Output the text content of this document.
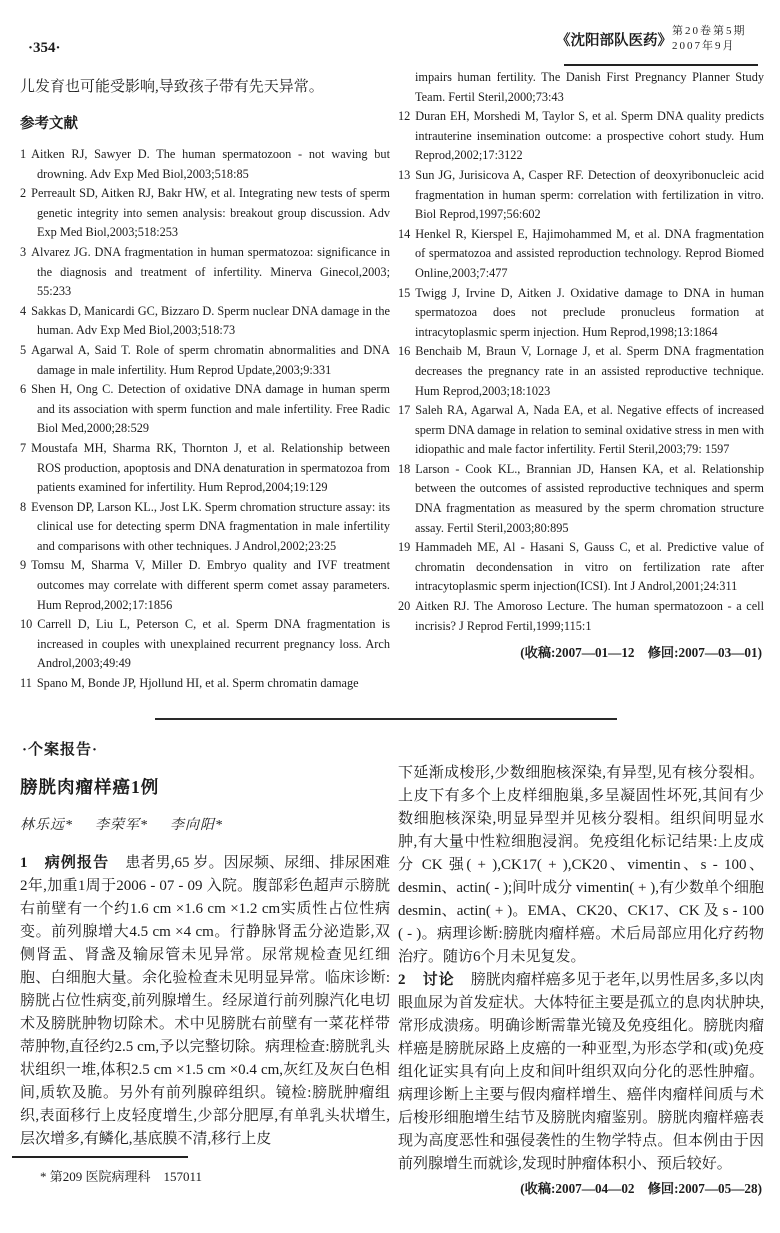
·354·	《沈阳部队医药》
第20卷第5期
2007年9月

儿发育也可能受影响,导致孩子带有先天异常。

参考文献
1 Aitken RJ, Sawyer D. The human spermatozoon - not waving but drowning. Adv Exp Med Biol,2003;518:85
2 Perreault SD, Aitken RJ, Bakr HW, et al. Integrating new tests of sperm genetic integrity into semen analysis: breakout group discussion. Adv Exp Med Biol,2003;518:253
3 Alvarez JG. DNA fragmentation in human spermatozoa: significance in the diagnosis and treatment of infertility. Minerva Ginecol,2003; 55:233
4 Sakkas D, Manicardi GC, Bizzaro D. Sperm nuclear DNA damage in the human. Adv Exp Med Biol,2003;518:73
5 Agarwal A, Said T. Role of sperm chromatin abnormalities and DNA damage in male infertility. Hum Reprod Update,2003;9:331
6 Shen H, Ong C. Detection of oxidative DNA damage in human sperm and its association with sperm function and male infertility. Free Radic Biol Med,2000;28:529
7 Moustafa MH, Sharma RK, Thornton J, et al. Relationship between ROS production, apoptosis and DNA denaturation in spermatozoa from patients examined for infertility. Hum Reprod,2004;19:129
8 Evenson DP, Larson KL., Jost LK. Sperm chromation structure assay: its clinical use for detecting sperm DNA fragmentation in male infertility and comparisons with other techniques. J Androl,2002;23:25
9 Tomsu M, Sharma V, Miller D. Embryo quality and IVF treatment outcomes may correlate with different sperm comet assay parameters. Hum Reprod,2002;17:1856
10 Carrell D, Liu L, Peterson C, et al. Sperm DNA fragmentation is increased in couples with unexplained recurrent pregnancy loss. Arch Androl,2003;49:49
11 Spano M, Bonde JP, Hjollund HI, et al. Sperm chromatin damage

impairs human fertility. The Danish First Pregnancy Planner Study Team. Fertil Steril,2000;73:43

12 Duran EH, Morshedi M, Taylor S, et al. Sperm DNA quality predicts intrauterine insemination outcome: a prospective cohort study. Hum Reprod,2002;17:3122
13 Sun JG, Jurisicova A, Casper RF. Detection of deoxyribonucleic acid fragmentation in human sperm: correlation with fertilization in vitro. Biol Reprod,1997;56:602
14 Henkel R, Kierspel E, Hajimohammed M, et al. DNA fragmentation of spermatozoa and assisted reproduction technology. Reprod Biomed Online,2003;7:477
15 Twigg J, Irvine D, Aitken J. Oxidative damage to DNA in human spermatozoa does not preclude pronucleus formation at intracytoplasmic sperm injection. Hum Reprod,1998;13:1864
16 Benchaib M, Braun V, Lornage J, et al. Sperm DNA fragmentation decreases the pregnancy rate in an assisted reproductive technique. Hum Reprod,2003;18:1023
17 Saleh RA, Agarwal A, Nada EA, et al. Negative effects of increased sperm DNA damage in relation to seminal oxidative stress in men with idiopathic and male factor infertility. Fertil Steril,2003;79: 1597
18 Larson - Cook KL., Brannian JD, Hansen KA, et al. Relationship between the outcomes of assisted reproductive techniques and sperm DNA fragmentation as measured by the sperm chromation structure assay. Fertil Steril,2003;80:895
19 Hammadeh ME, Al - Hasani S, Gauss C, et al. Predictive value of chromatin decondensation in vitro on fertilization rate after intracytoplasmic sperm injection(ICSI). Int J Androl,2001;24:311
20 Aitken RJ. The Amoroso Lecture. The human spermatozoon - a cell incrisis? J Reprod Fertil,1999;115:1

(收稿:2007—01—12　修回:2007—03—01)

·个案报告·
膀胱肉瘤样癌1例
林乐远* 李荣军* 李向阳*

1　病例报告　患者男,65 岁。因尿频、尿细、排尿困难2年,加重1周于2006 - 07 - 09 入院。腹部彩色超声示膀胱右前壁有一个约1.6 cm ×1.6 cm ×1.2 cm实质性占位性病变。前列腺增大4.5 cm ×4 cm。行静脉肾盂分泌造影,双侧肾盂、肾盏及输尿管未见异常。尿常规检查见红细胞、白细胞大量。余化验检查未见明显异常。临床诊断:膀胱占位性病变,前列腺增生。经尿道行前列腺汽化电切术及膀胱肿物切除术。术中见膀胱右前壁有一菜花样带蒂肿物,直径约2.5 cm,予以完整切除。病理检查:膀胱乳头状组织一堆,体积2.5 cm ×1.5 cm ×0.4 cm,灰红及灰白色相间,质软及脆。另外有前列腺碎组织。镜检:膀胱肿瘤组织,表面移行上皮轻度增生,少部分肥厚,有单乳头状增生,层次增多,有鳞化,基底膜不清,移行上皮

下延渐成梭形,少数细胞核深染,有异型,见有核分裂相。上皮下有多个上皮样细胞巢,多呈凝固性坏死,其间有少数细胞核深染,明显异型并见核分裂相。组织间明显水肿,有大量中性粒细胞浸润。免疫组化标记结果:上皮成分 CK 强( + ),CK17( + ),CK20、vimentin、s - 100、desmin、actin( - );间叶成分 vimentin( + ),有少数单个细胞 desmin、actin( + )。EMA、CK20、CK17、CK 及 s - 100 ( - )。病理诊断:膀胱肉瘤样癌。术后局部应用化疗药物治疗。随访6个月未见复发。

2　讨论　膀胱肉瘤样癌多见于老年,以男性居多,多以肉眼血尿为首发症状。大体特征主要是孤立的息肉状肿块,常形成溃疡。明确诊断需靠光镜及免疫组化。膀胱肉瘤样癌是膀胱尿路上皮癌的一种亚型,为形态学和(或)免疫组化证实具有向上皮和间叶组织双向分化的恶性肿瘤。病理诊断上主要与假肉瘤样增生、癌伴肉瘤样间质与术后梭形细胞增生结节及膀胱肉瘤鉴别。膀胱肉瘤样癌表现为高度恶性和强侵袭性的生物学特点。但本例由于因前列腺增生而就诊,发现时肿瘤体积小、预后较好。

(收稿:2007—04—02　修回:2007—05—28)

* 第209 医院病理科　157011
